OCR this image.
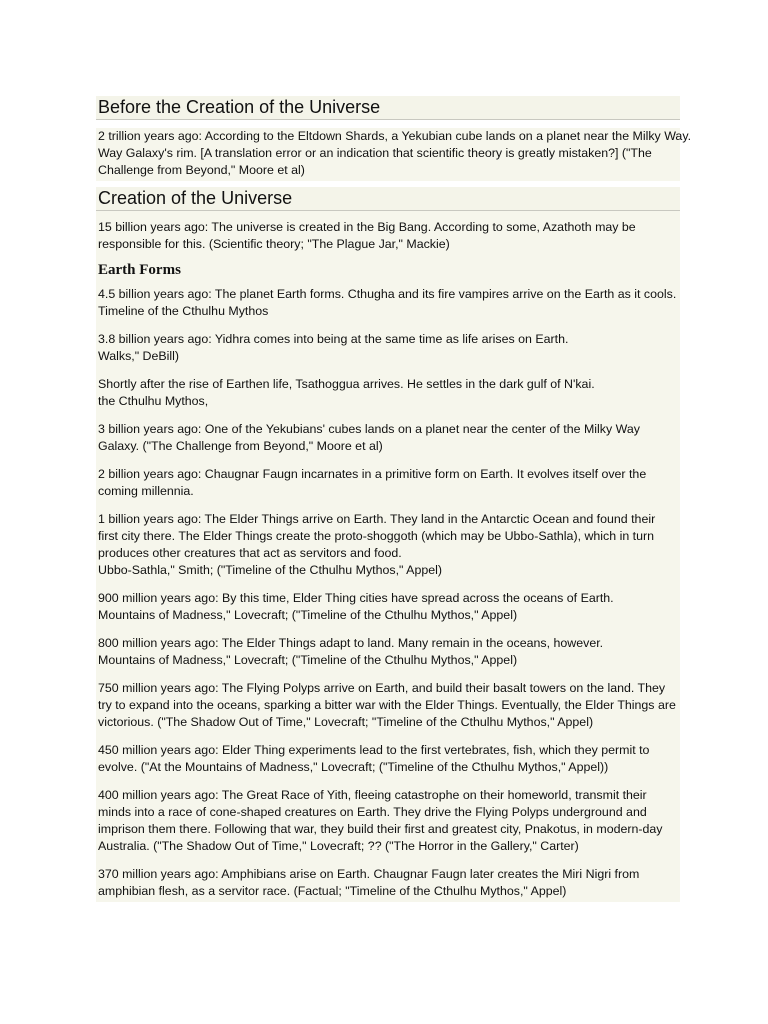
Before the Creation of the Universe
2 trillion years ago: According to the Eltdown Shards, a Yekubian cube lands on a planet near the Milky Way.
Way Galaxy's rim. [A translation error or an indication that scientific theory is greatly mistaken?] ("The
Challenge from Beyond," Moore et al)
Creation of the Universe
15 billion years ago: The universe is created in the Big Bang. According to some, Azathoth may be
responsible for this. (Scientific theory; "The Plague Jar," Mackie)
Earth Forms
4.5 billion years ago: The planet Earth forms. Cthugha and its fire vampires arrive on the Earth as it cools.
Timeline of the Cthulhu Mythos
3.8 billion years ago: Yidhra comes into being at the same time as life arises on Earth.
Walks," DeBill)
Shortly after the rise of Earthen life, Tsathoggua arrives. He settles in the dark gulf of N'kai.
the Cthulhu Mythos,
3 billion years ago: One of the Yekubians' cubes lands on a planet near the center of the Milky Way
Galaxy. ("The Challenge from Beyond," Moore et al)
2 billion years ago: Chaugnar Faugn incarnates in a primitive form on Earth. It evolves itself over the
coming millennia.
1 billion years ago: The Elder Things arrive on Earth. They land in the Antarctic Ocean and found their
first city there. The Elder Things create the proto-shoggoth (which may be Ubbo-Sathla), which in turn
produces other creatures that act as servitors and food.
Ubbo-Sathla," Smith; ("Timeline of the Cthulhu Mythos," Appel)
900 million years ago: By this time, Elder Thing cities have spread across the oceans of Earth.
Mountains of Madness," Lovecraft; ("Timeline of the Cthulhu Mythos," Appel)
800 million years ago: The Elder Things adapt to land. Many remain in the oceans, however.
Mountains of Madness," Lovecraft; ("Timeline of the Cthulhu Mythos," Appel)
750 million years ago: The Flying Polyps arrive on Earth, and build their basalt towers on the land. They
try to expand into the oceans, sparking a bitter war with the Elder Things. Eventually, the Elder Things are
victorious. ("The Shadow Out of Time," Lovecraft; "Timeline of the Cthulhu Mythos," Appel)
450 million years ago: Elder Thing experiments lead to the first vertebrates, fish, which they permit to
evolve. ("At the Mountains of Madness," Lovecraft; ("Timeline of the Cthulhu Mythos," Appel))
400 million years ago: The Great Race of Yith, fleeing catastrophe on their homeworld, transmit their
minds into a race of cone-shaped creatures on Earth. They drive the Flying Polyps underground and
imprison them there. Following that war, they build their first and greatest city, Pnakotus, in modern-day
Australia. ("The Shadow Out of Time," Lovecraft; ?? ("The Horror in the Gallery," Carter)
370 million years ago: Amphibians arise on Earth. Chaugnar Faugn later creates the Miri Nigri from
amphibian flesh, as a servitor race. (Factual; "Timeline of the Cthulhu Mythos," Appel)
